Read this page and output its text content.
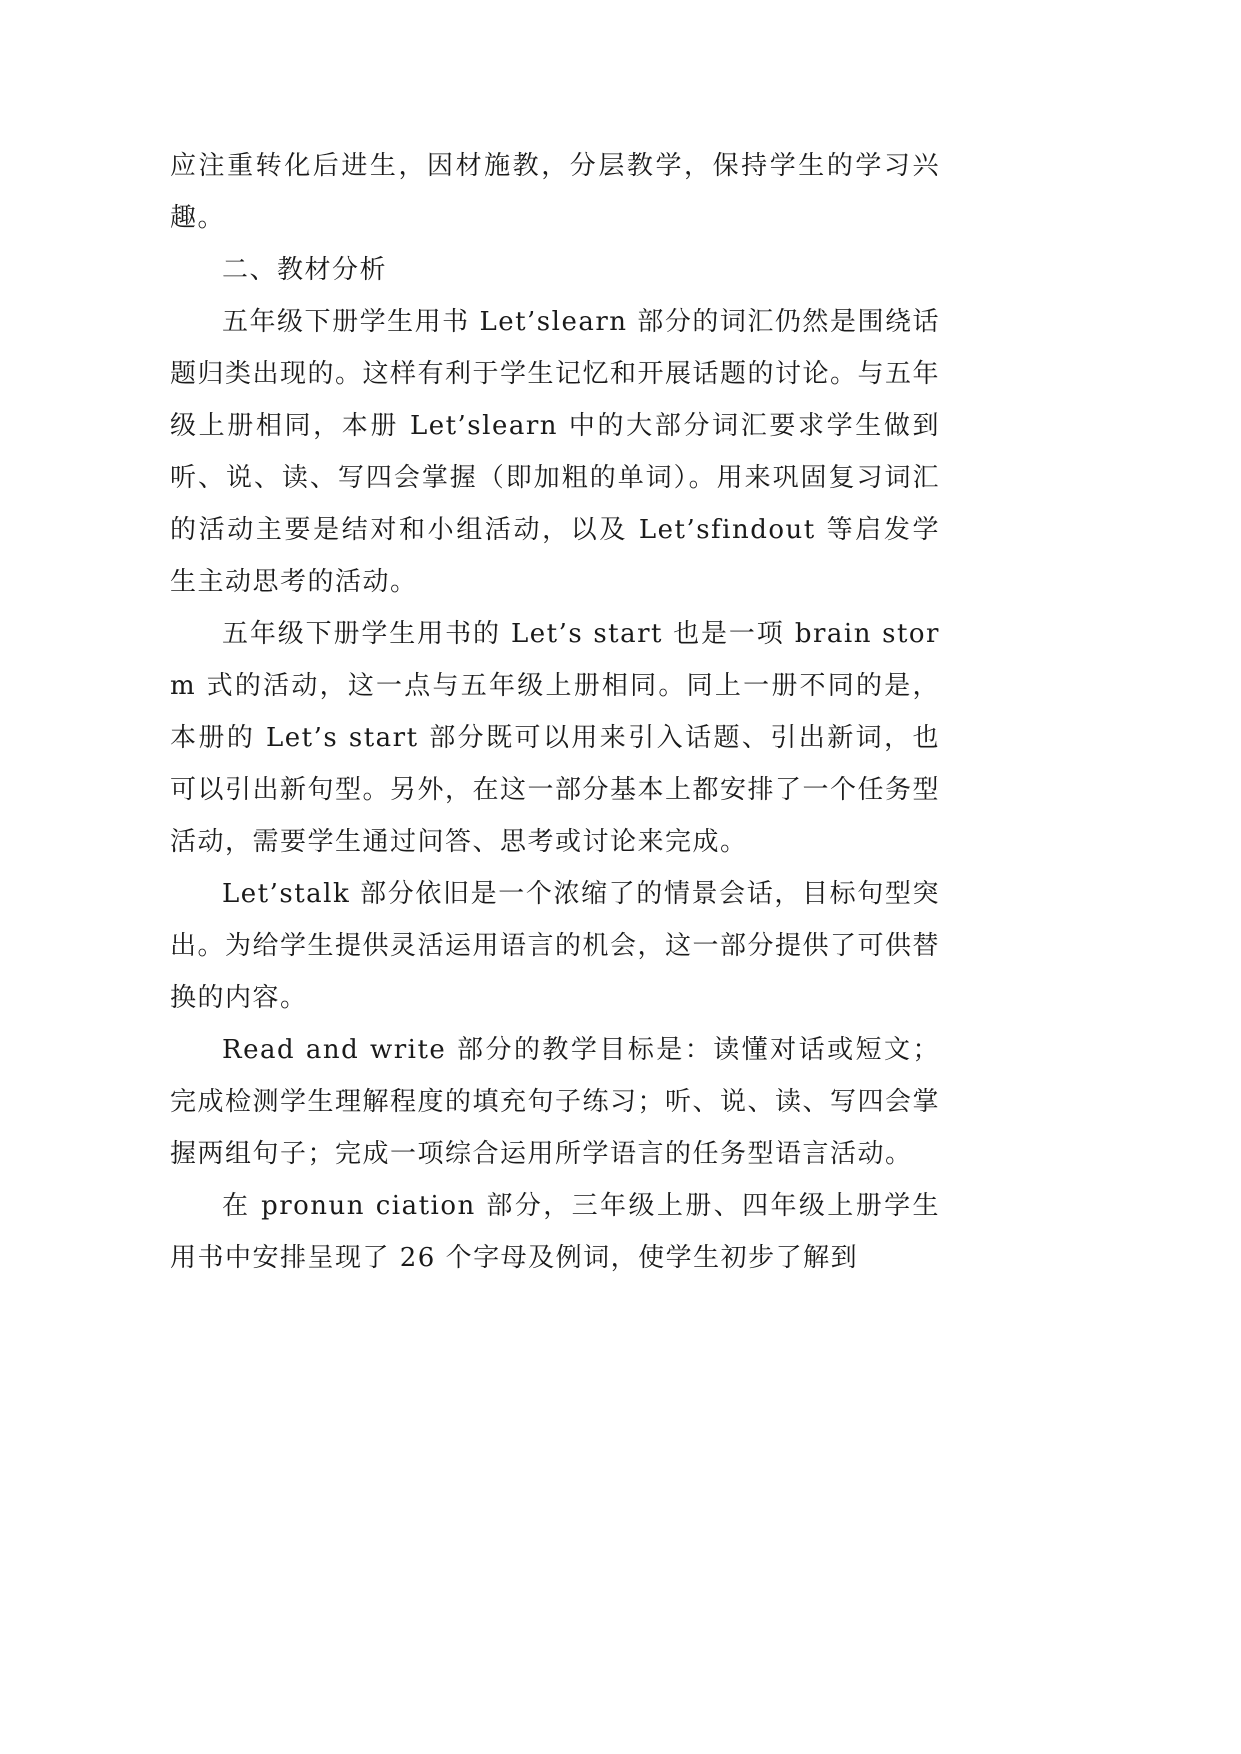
应注重转化后进生，因材施教，分层教学，保持学生的学习兴趣。

二、教材分析

五年级下册学生用书 Let’slearn 部分的词汇仍然是围绕话题归类出现的。这样有利于学生记忆和开展话题的讨论。与五年级上册相同，本册 Let’slearn 中的大部分词汇要求学生做到听、说、读、写四会掌握（即加粗的单词）。用来巩固复习词汇的活动主要是结对和小组活动，以及 Let’sfindout 等启发学生主动思考的活动。

五年级下册学生用书的 Let’s start 也是一项 brain storm 式的活动，这一点与五年级上册相同。同上一册不同的是，本册的 Let’s start 部分既可以用来引入话题、引出新词，也可以引出新句型。另外，在这一部分基本上都安排了一个任务型活动，需要学生通过问答、思考或讨论来完成。

Let’stalk 部分依旧是一个浓缩了的情景会话，目标句型突出。为给学生提供灵活运用语言的机会，这一部分提供了可供替换的内容。

Read and write 部分的教学目标是：读懂对话或短文；完成检测学生理解程度的填充句子练习；听、说、读、写四会掌握两组句子；完成一项综合运用所学语言的任务型语言活动。

在 pronun ciation 部分，三年级上册、四年级上册学生用书中安排呈现了 26 个字母及例词，使学生初步了解到
